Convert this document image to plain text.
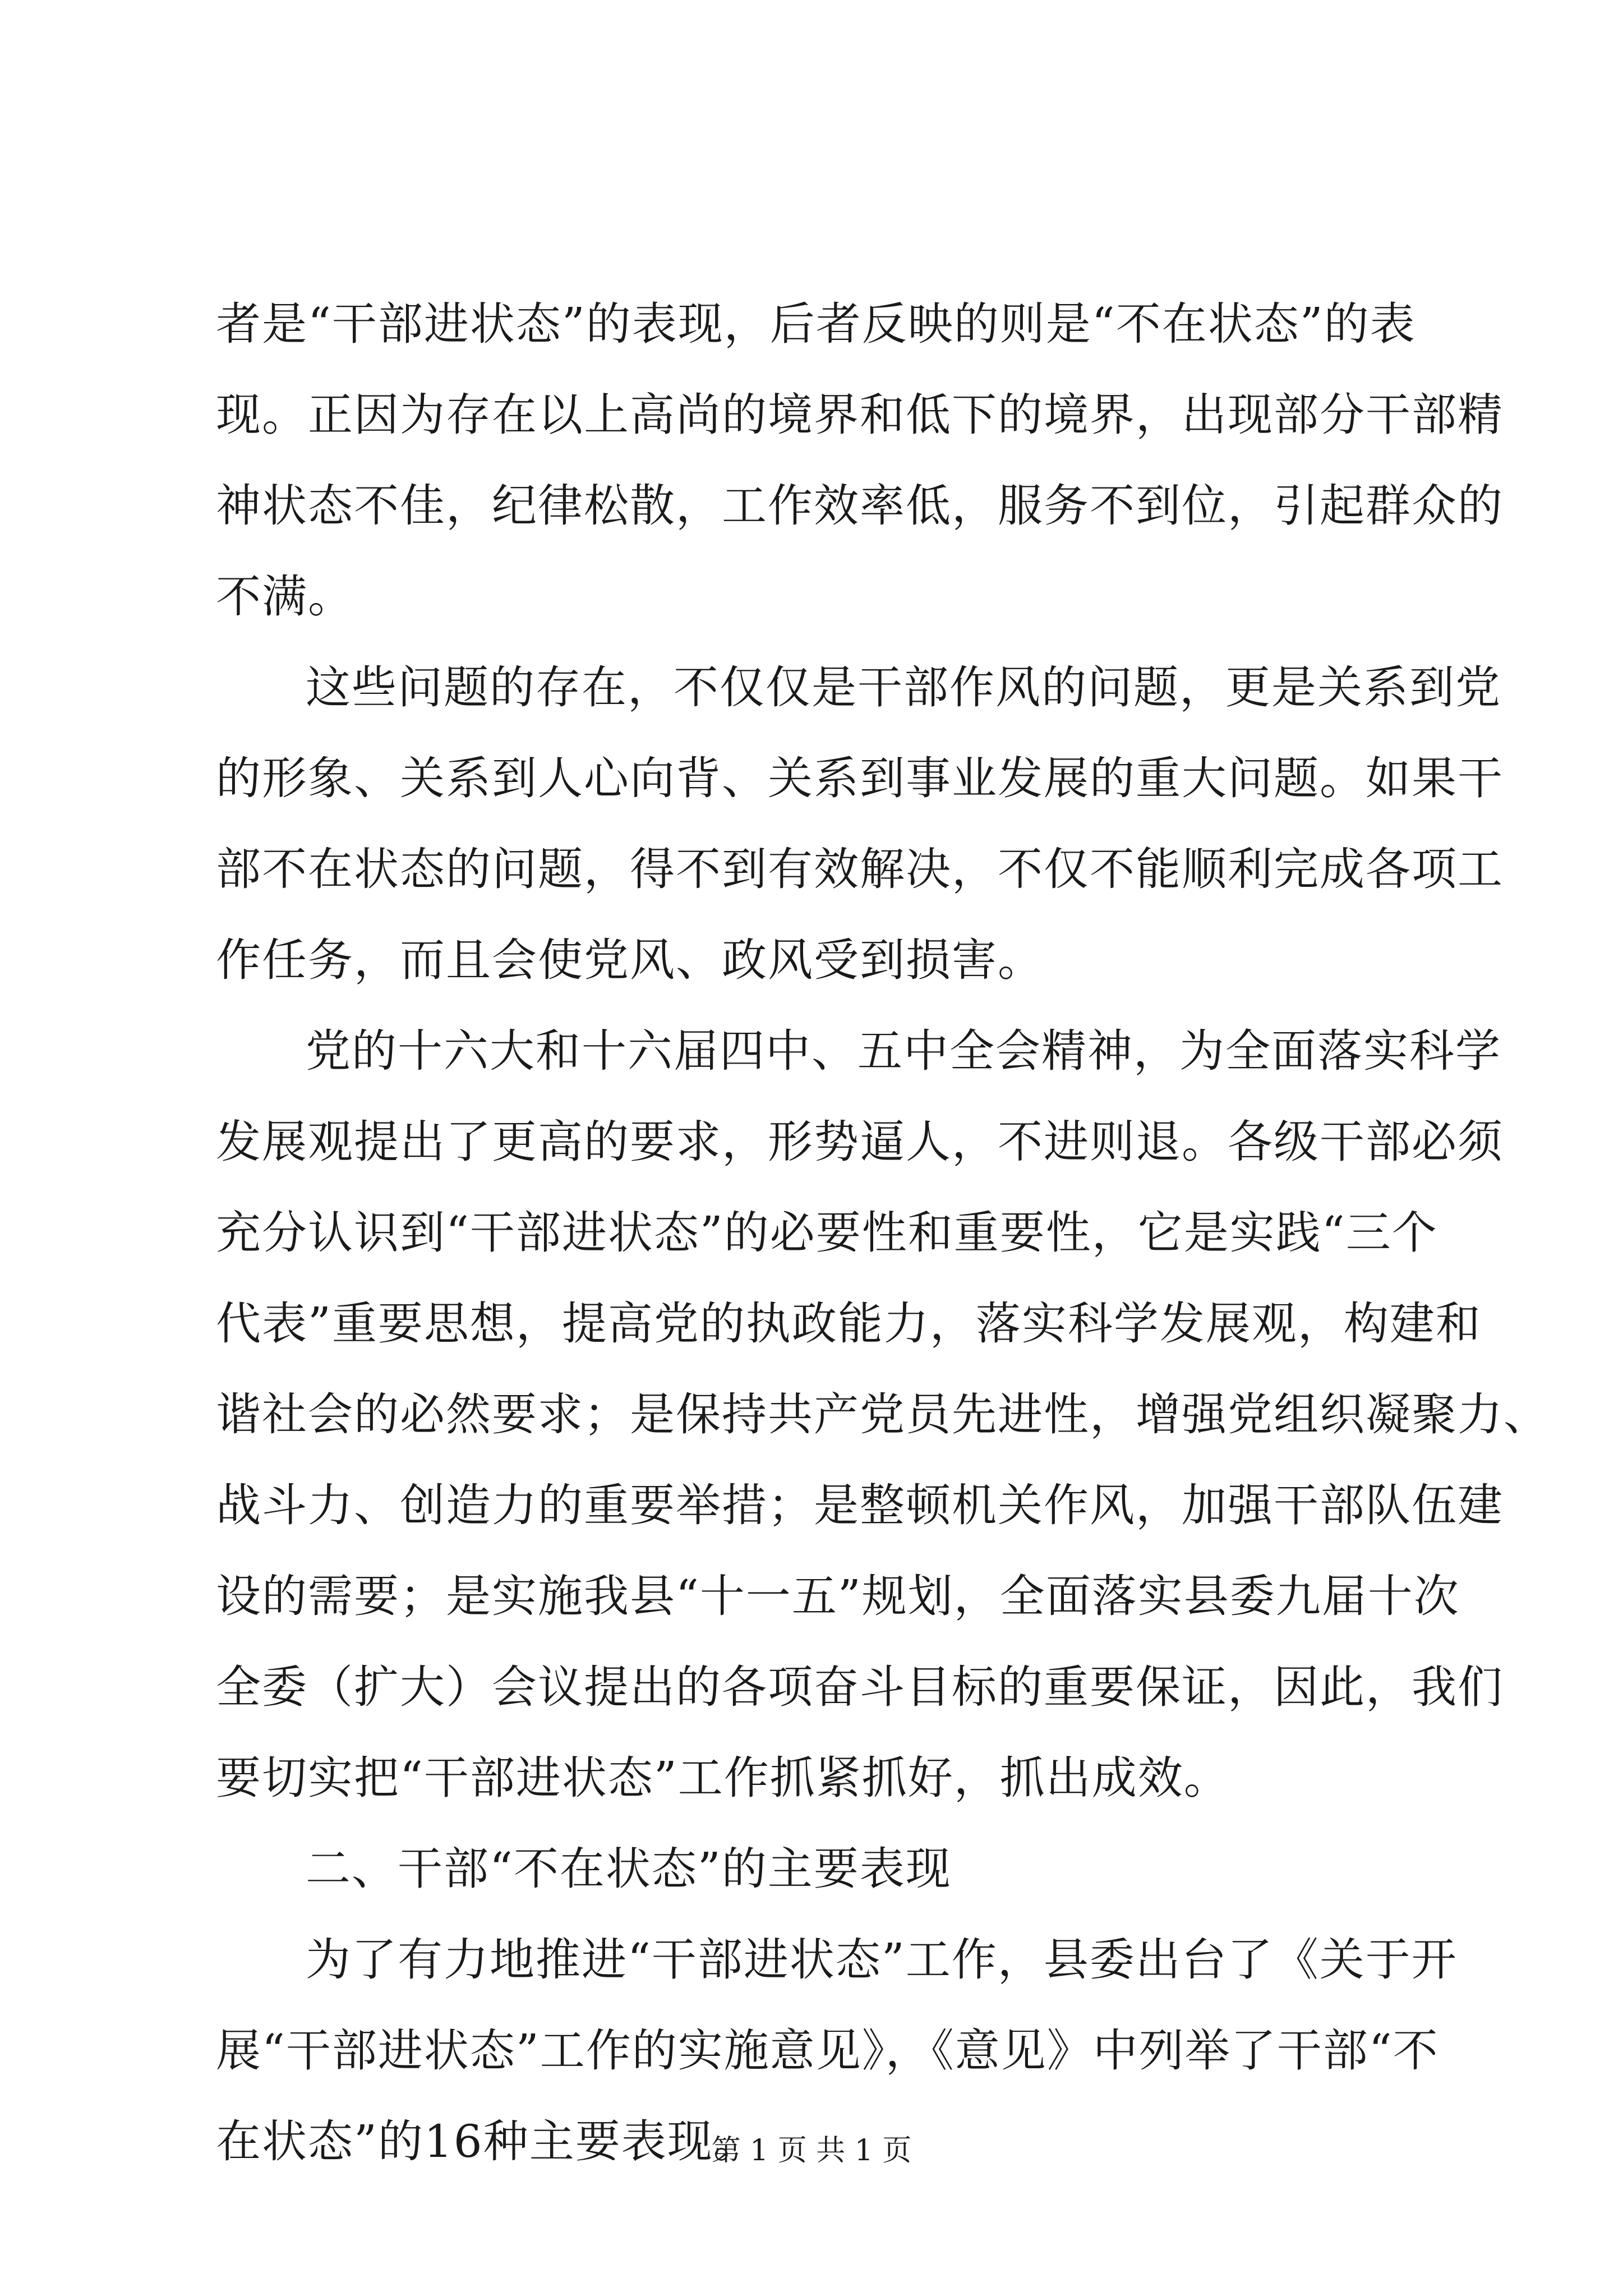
者是“干部进状态”的表现，后者反映的则是“不在状态”的表
现。正因为存在以上高尚的境界和低下的境界，出现部分干部精
神状态不佳，纪律松散，工作效率低，服务不到位，引起群众的
不满。
这些问题的存在，不仅仅是干部作风的问题，更是关系到党
的形象、关系到人心向背、关系到事业发展的重大问题。如果干
部不在状态的问题，得不到有效解决，不仅不能顺利完成各项工
作任务，而且会使党风、政风受到损害。
党的十六大和十六届四中、五中全会精神，为全面落实科学
发展观提出了更高的要求，形势逼人，不进则退。各级干部必须
充分认识到“干部进状态”的必要性和重要性，它是实践“三个
代表”重要思想，提高党的执政能力，落实科学发展观，构建和
谐社会的必然要求；是保持共产党员先进性，增强党组织凝聚力、
战斗力、创造力的重要举措；是整顿机关作风，加强干部队伍建
设的需要；是实施我县“十一五”规划，全面落实县委九届十次
全委（扩大）会议提出的各项奋斗目标的重要保证，因此，我们
要切实把“干部进状态”工作抓紧抓好，抓出成效。
二、干部“不在状态”的主要表现
为了有力地推进“干部进状态”工作，县委出台了《关于开
展“干部进状态”工作的实施意见》，《意见》中列举了干部“不
在状态”的16种主要表现。
第 1 页 共 1 页
